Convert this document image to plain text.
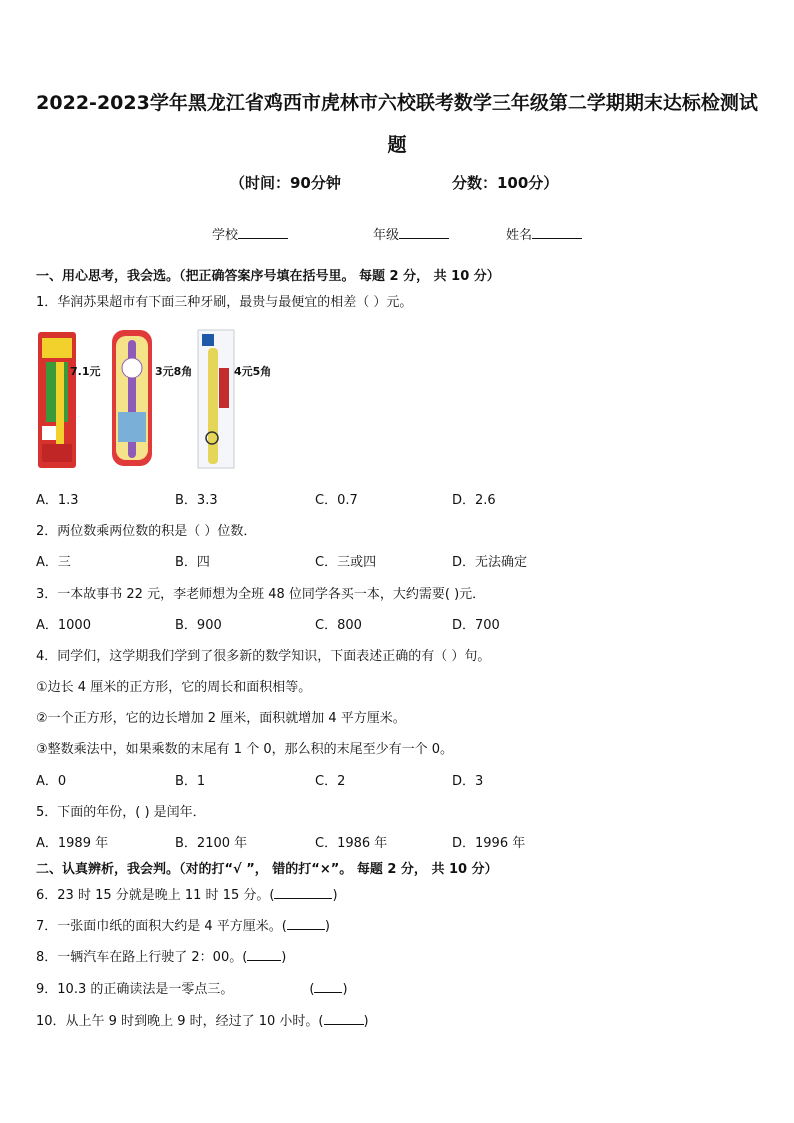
2022-2023学年黑龙江省鸡西市虎林市六校联考数学三年级第二学期期末达标检测试
题
（时间：90分钟	分数：100分）
学校	年级	姓名
一、用心思考，我会选。（把正确答案序号填在括号里。 每题 2 分， 共 10 分）
1．华润苏果超市有下面三种牙刷，最贵与最便宜的相差（ ）元。
7.1元	3元8角	4元5角
A．1.3	B．3.3	C．0.7	D．2.6
2．两位数乘两位数的积是（ ）位数．
A．三	B．四	C．三或四	D．无法确定
3．一本故事书 22 元，李老师想为全班 48 位同学各买一本，大约需要( )元．
A．1000	B．900	C．800	D．700
4．同学们，这学期我们学到了很多新的数学知识，下面表述正确的有（ ）句。
①边长 4 厘米的正方形，它的周长和面积相等。
②一个正方形，它的边长增加 2 厘米，面积就增加 4 平方厘米。
③整数乘法中，如果乘数的末尾有 1 个 0，那么积的末尾至少有一个 0。
A．0	B．1	C．2	D．3
5．下面的年份，( ) 是闰年．
A．1989 年	B．2100 年	C．1986 年	D．1996 年
二、认真辨析，我会判。（对的打“√ ”， 错的打“×”。 每题 2 分， 共 10 分）
6．23 时 15 分就是晚上 11 时 15 分。(	)
7．一张面巾纸的面积大约是 4 平方厘米。(	)
8．一辆汽车在路上行驶了 2：00。(	)
9．10.3 的正确读法是一零点三。	( )
10．从上午 9 时到晚上 9 时，经过了 10 小时。(	)
